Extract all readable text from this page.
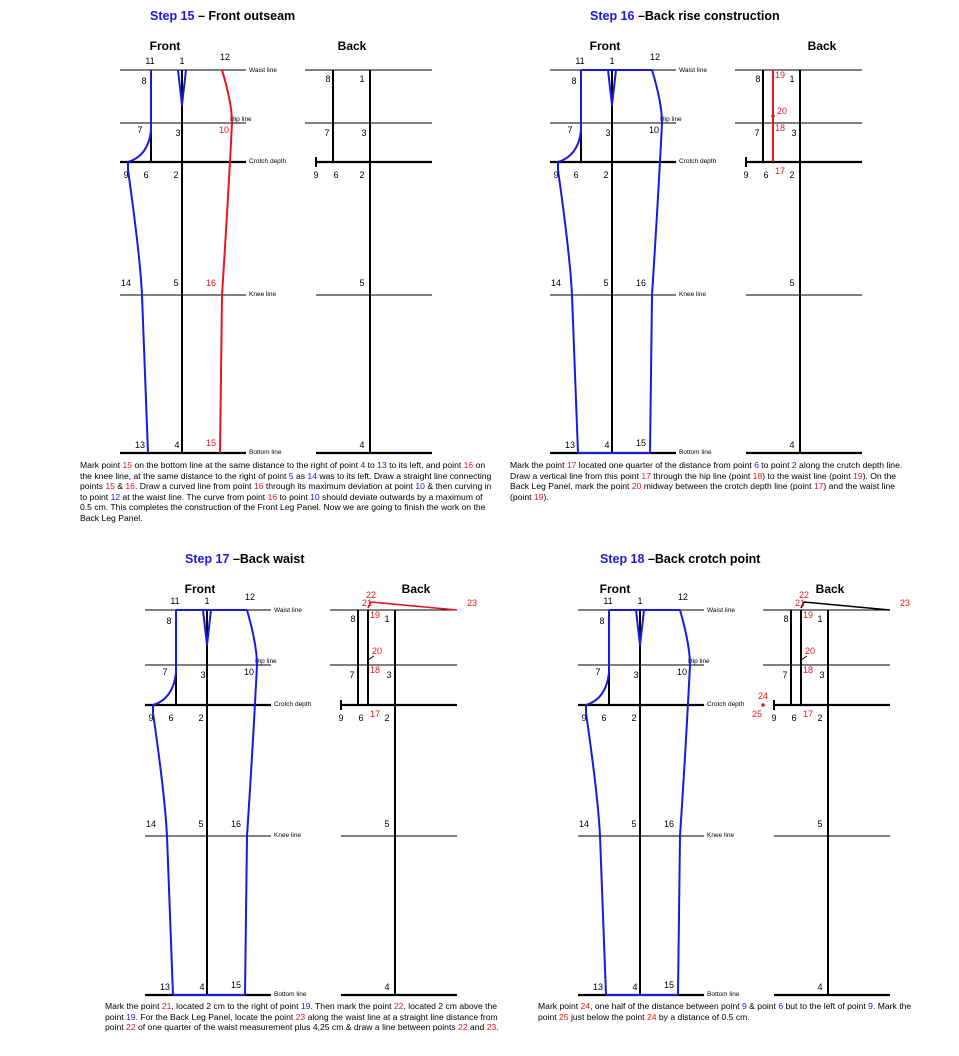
Step 15 – Front outseam
Front	Back
Waist line
Hip line
Crotch depth
Knee line
Bottom line
11	1	12
8
7	3	10
9 6	2
14	5	16
13	4	15
8	1
7	3
9 6 2
5
4
Step 16 –Back rise construction
Front	Back
Waist line
Hip line
Crotch depth
Knee line
Bottom line
11	1	12
8
7	3	10
9 6	2
14	5	16
13	4	15
8	1
7	3
9 6 2
5
4
17
18
19
20
Step 17 –Back waist
Front	Back
Waist line
Hip line
Crotch depth
Knee line
Bottom line
11	1	12
8
7	3	10
9 6	2
14	5	16
13	4	15
8	1
7	3
9 6 2
5
4
17
18
19
20
21
22
23
Step 18 –Back crotch point
Front	Back
Waist line
Hip line
Crotch depth
Knee line
Bottom line
11	1	12
8
7	3	10
9 6	2
14	5	16
13	4	15
8	1
7	3
9 6 2
5
4
17
18
19
20
21
22
23
24
25
Mark point 15 on the bottom line at the same distance to the right of point 4 to 13 to its left, and point 16 on the knee line, at the same distance to the right of point 5 as 14 was to its left. Draw a straight line connecting points 15 & 16. Draw a curved line from point 16 through its maximum deviation at point 10 & then curving in to point 12 at the waist line. The curve from point 16 to point 10 should deviate outwards by a maximum of 0.5 cm. This completes the construction of the Front Leg Panel. Now we are going to finish the work on the Back Leg Panel.
Mark the point 17 located one quarter of the distance from point 6 to point 2 along the crutch depth line. Draw a vertical line from this point 17 through the hip line (point 18) to the waist line (point 19). On the Back Leg Panel, mark the point 20 midway between the crotch depth line (point 17) and the waist line (point 19).
Mark the point 21, located 2 cm to the right of point 19. Then mark the point 22, located 2 cm above the point 19. For the Back Leg Panel, locate the point 23 along the waist line at a straight line distance from point 22 of one quarter of the waist measurement plus 4,25 cm & draw a line between points 22 and 23.
Mark point 24, one half of the distance between point 9 & point 6 but to the left of point 9. Mark the point 25 just below the point 24 by a distance of 0.5 cm.
